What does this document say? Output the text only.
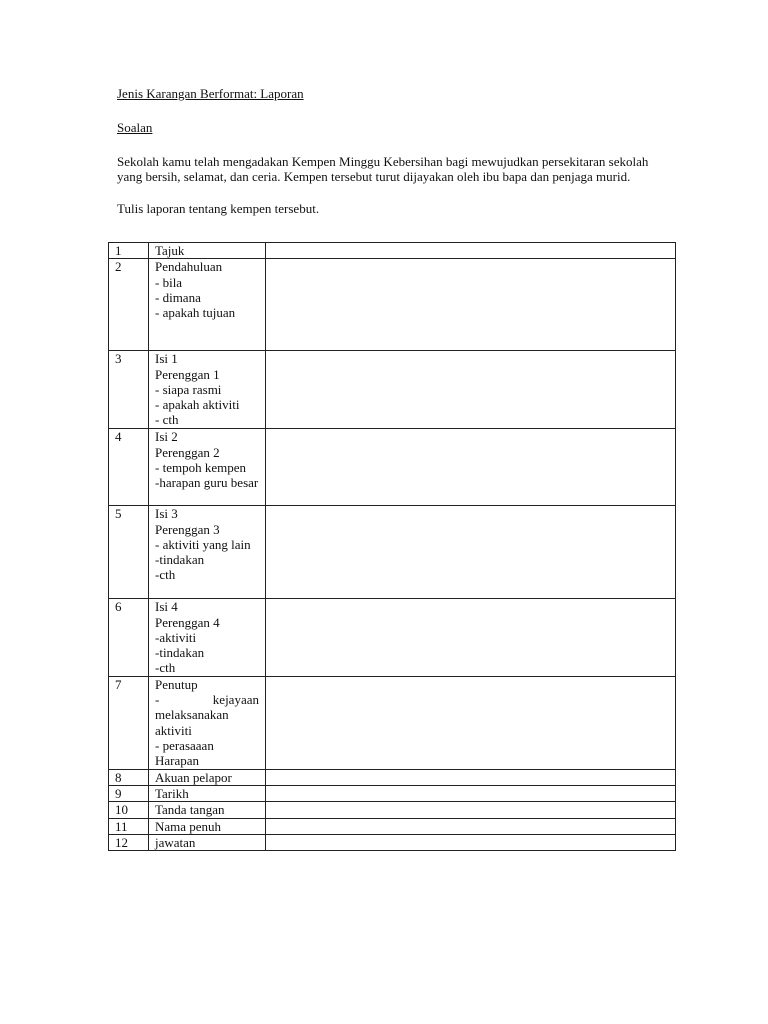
Jenis Karangan Berformat: Laporan
Soalan
Sekolah kamu telah mengadakan Kempen Minggu Kebersihan bagi mewujudkan persekitaran sekolah yang bersih, selamat, dan ceria. Kempen tersebut turut dijayakan oleh ibu bapa dan penjaga murid.
Tulis laporan tentang kempen tersebut.
1	Tajuk	

2	Pendahuluan
- bila
- dimana
- apakah tujuan	

3	Isi 1
Perenggan 1
- siapa rasmi
- apakah aktiviti
- cth	

4	Isi 2
Perenggan 2
- tempoh kempen
-harapan guru besar	

5	Isi 3
Perenggan 3
- aktiviti yang lain
-tindakan
-cth	

6	Isi 4
Perenggan 4
-aktiviti
-tindakan
-cth	

7	Penutup
- kejayaan melaksanakan aktiviti
- perasaaan
Harapan	

8	Akuan pelapor	

9	Tarikh	

10	Tanda tangan	

11	Nama penuh	

12	jawatan	
